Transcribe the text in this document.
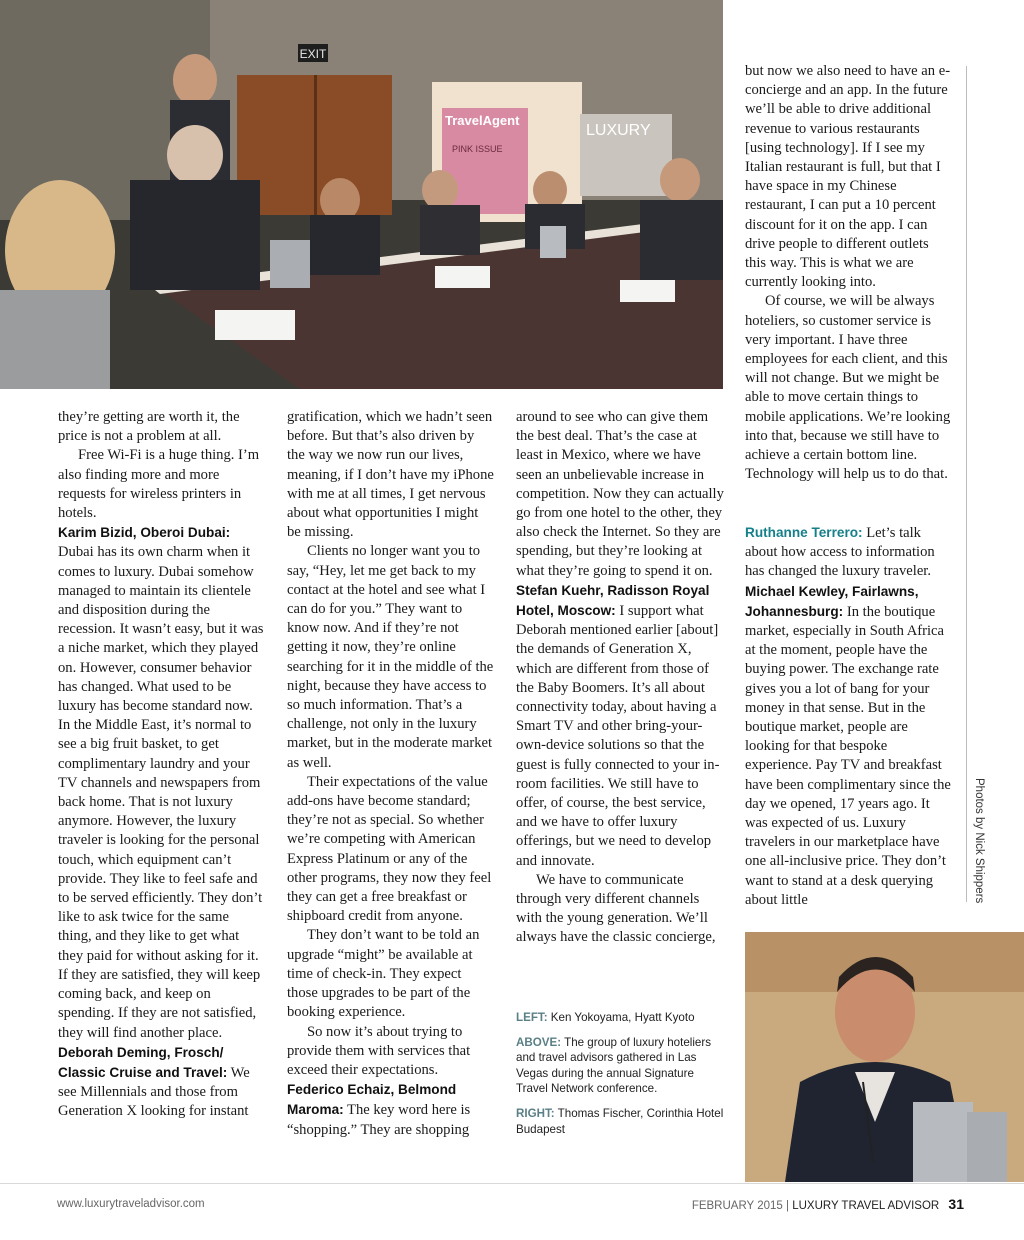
EXIT
TravelAgent
PINK ISSUE
LUXURY

they’re getting are worth it, the price is not a problem at all.

Free Wi-Fi is a huge thing. I’m also finding more and more requests for wireless printers in hotels.

Karim Bizid, Oberoi Dubai: Dubai has its own charm when it comes to luxury. Dubai somehow managed to maintain its clientele and disposition during the recession. It wasn’t easy, but it was a niche market, which they played on. However, consumer behavior has changed. What used to be luxury has become standard now. In the Middle East, it’s normal to see a big fruit basket, to get complimentary laundry and your TV channels and newspapers from back home. That is not luxury anymore. However, the luxury traveler is looking for the personal touch, which equipment can’t provide. They like to feel safe and to be served efficiently. They don’t like to ask twice for the same thing, and they like to get what they paid for without asking for it. If they are satisfied, they will keep coming back, and keep on spending. If they are not satisfied, they will find another place.

Deborah Deming, Frosch/ Classic Cruise and Travel: We see Millennials and those from Generation X looking for instant

gratification, which we hadn’t seen before. But that’s also driven by the way we now run our lives, meaning, if I don’t have my iPhone with me at all times, I get nervous about what opportunities I might be missing.

Clients no longer want you to say, “Hey, let me get back to my contact at the hotel and see what I can do for you.” They want to know now. And if they’re not getting it now, they’re online searching for it in the middle of the night, because they have access to so much information. That’s a challenge, not only in the luxury market, but in the moderate market as well.

Their expectations of the value add-ons have become standard; they’re not as special. So whether we’re competing with American Express Platinum or any of the other programs, they now they feel they can get a free breakfast or shipboard credit from anyone.

They don’t want to be told an upgrade “might” be available at time of check-in. They expect those upgrades to be part of the booking experience.

So now it’s about trying to provide them with services that exceed their expectations.

Federico Echaiz, Belmond Maroma: The key word here is “shopping.” They are shopping

around to see who can give them the best deal. That’s the case at least in Mexico, where we have seen an unbelievable increase in competition. Now they can actually go from one hotel to the other, they also check the Internet. So they are spending, but they’re looking at what they’re going to spend it on.

Stefan Kuehr, Radisson Royal Hotel, Moscow: I support what Deborah mentioned earlier [about] the demands of Generation X, which are different from those of the Baby Boomers. It’s all about connectivity today, about having a Smart TV and other bring-your-own-device solutions so that the guest is fully connected to your in-room facilities. We still have to offer, of course, the best service, and we have to offer luxury offerings, but we need to develop and innovate.

We have to communicate through very different channels with the young generation. We’ll always have the classic concierge,

but now we also need to have an e-concierge and an app. In the future we’ll be able to drive additional revenue to various restaurants [using technology]. If I see my Italian restaurant is full, but that I have space in my Chinese restaurant, I can put a 10 percent discount for it on the app. I can drive people to different outlets this way. This is what we are currently looking into.

Of course, we will be always hoteliers, so customer service is very important. I have three employees for each client, and this will not change. But we might be able to move certain things to mobile applications. We’re looking into that, because we still have to achieve a certain bottom line. Technology will help us to do that.

Ruthanne Terrero: Let’s talk about how access to information has changed the luxury traveler.

Michael Kewley, Fairlawns, Johannesburg: In the boutique market, especially in South Africa at the moment, people have the buying power. The exchange rate gives you a lot of bang for your money in that sense. But in the boutique market, people are looking for that bespoke experience. Pay TV and breakfast have been complimentary since the day we opened, 17 years ago. It was expected of us. Luxury travelers in our marketplace have one all-inclusive price. They don’t want to stand at a desk querying about little	Photos by Nick Shippers

LEFT: Ken Yokoyama, Hyatt Kyoto

ABOVE: The group of luxury hoteliers and travel advisors gathered in Las Vegas during the annual Signature Travel Network conference.

RIGHT: Thomas Fischer, Corinthia Hotel Budapest

www.luxurytraveladvisor.com	FEBRUARY 2015 | LUXURY TRAVEL ADVISOR 31
